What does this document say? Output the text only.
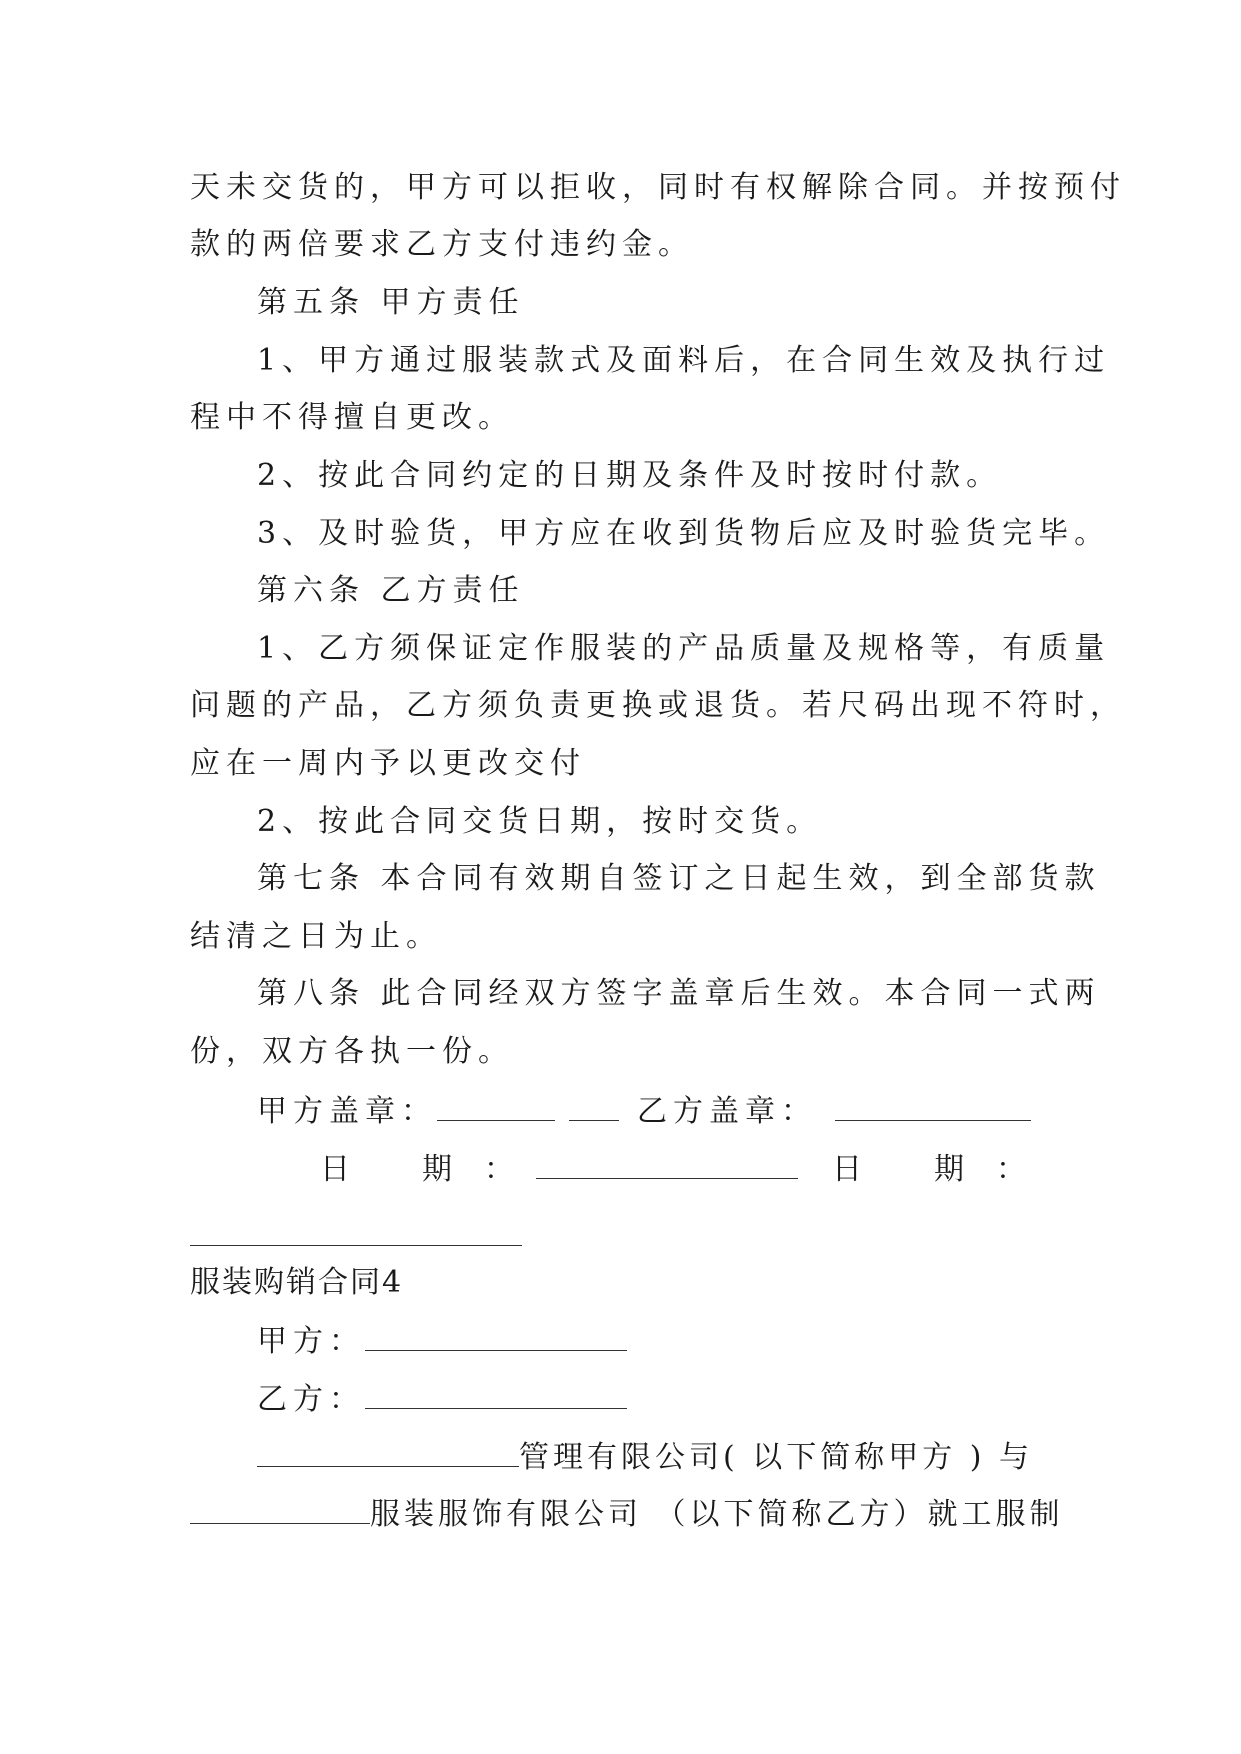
天未交货的，甲方可以拒收，同时有权解除合同。并按预付
款的两倍要求乙方支付违约金。
第五条 甲方责任
1、甲方通过服装款式及面料后，在合同生效及执行过
程中不得擅自更改。
2、按此合同约定的日期及条件及时按时付款。
3、及时验货，甲方应在收到货物后应及时验货完毕。
第六条 乙方责任
1、乙方须保证定作服装的产品质量及规格等，有质量
问题的产品，乙方须负责更换或退货。若尺码出现不符时，
应在一周内予以更改交付
2、按此合同交货日期，按时交货。
第七条 本合同有效期自签订之日起生效，到全部货款
结清之日为止。
第八条 此合同经双方签字盖章后生效。本合同一式两
份，双方各执一份。
甲方盖章：	乙方盖章：
日 期 ：	日 期 ：
服装购销合同4
甲方：
乙方：
管理有限公司( 以下简称甲方 ) 与
服装服饰有限公司 （以下简称乙方）就工服制
